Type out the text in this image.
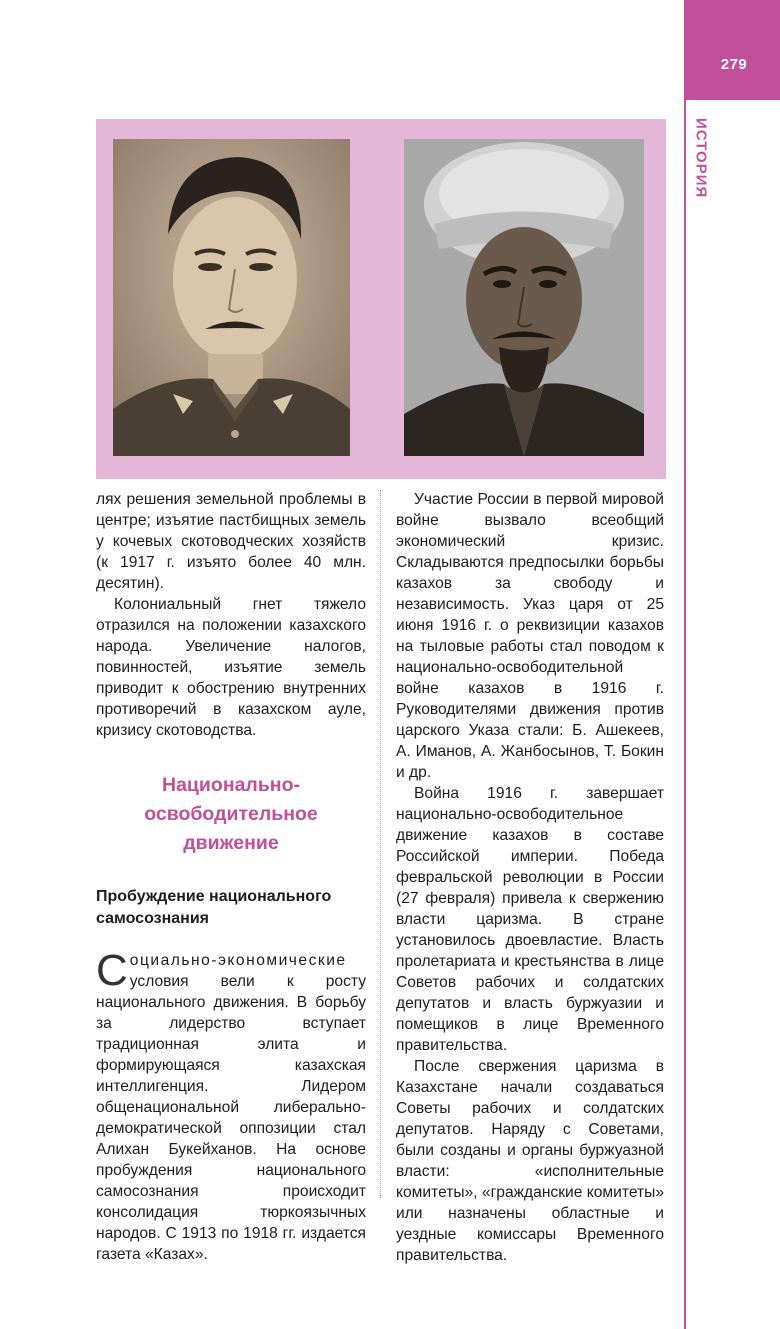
279
ИСТОРИЯ

лях решения земельной проблемы в центре; изъятие пастбищных земель у кочевых скотоводческих хозяйств (к 1917 г. изъято более 40 млн. десятин).

Колониальный гнет тяжело отразился на положении казахского народа. Увеличение налогов, повинностей, изъятие земель приводит к обострению внутренних противоречий в казахском ауле, кризису скотоводства.

Национально-
освободительное
движение
Пробуждение национального самосознания

Социально-экономические условия вели к росту национального движения. В борьбу за лидерство вступает традиционная элита и формирующаяся казахская интеллигенция. Лидером общенациональной либерально-демократической оппозиции стал Алихан Букейханов. На основе пробуждения национального самосознания происходит консолидация тюркоязычных народов. С 1913 по 1918 гг. издается газета «Казах».

Участие России в первой мировой войне вызвало всеобщий экономический кризис. Складываются предпосылки борьбы казахов за свободу и независимость. Указ царя от 25 июня 1916 г. о реквизиции казахов на тыловые работы стал поводом к национально-освободительной войне казахов в 1916 г. Руководителями движения против царского Указа стали: Б. Ашекеев, А. Иманов, А. Жанбосынов, Т. Бокин и др.

Война 1916 г. завершает национально-освободительное движение казахов в составе Российской империи. Победа февральской революции в России (27 февраля) привела к свержению власти царизма. В стране установилось двоевластие. Власть пролетариата и крестьянства в лице Советов рабочих и солдатских депутатов и власть буржуазии и помещиков в лице Временного правительства.

После свержения царизма в Казахстане начали создаваться Советы рабочих и солдатских депутатов. Наряду с Советами, были созданы и органы буржуазной власти: «исполнительные комитеты», «гражданские комитеты» или назначены областные и уездные комиссары Временного правительства.
